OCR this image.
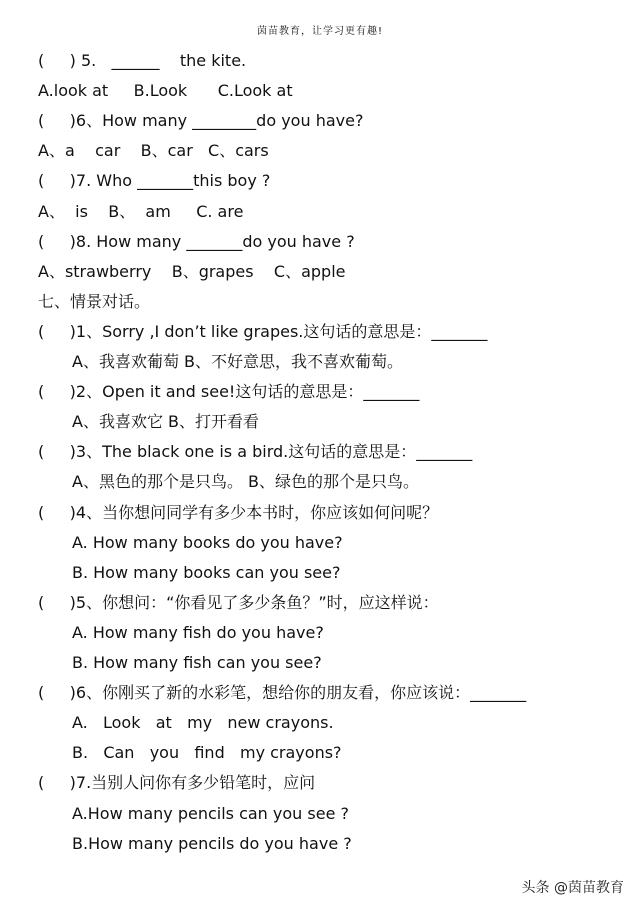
茵苗教育，让学习更有趣!
(     ) 5.   ______    the kite.
A.look at     B.Look      C.Look at
(     )6、How many ________do you have?
A、a    car    B、car   C、cars
(     )7. Who _______this boy ?
A、  is    B、  am     C. are
(     )8. How many _______do you have ?
A、strawberry    B、grapes    C、apple
七、情景对话。
(     )1、Sorry ,I don’t like grapes.这句话的意思是：_______
A、我喜欢葡萄 B、不好意思，我不喜欢葡萄。
(     )2、Open it and see!这句话的意思是：_______
A、我喜欢它 B、打开看看
(     )3、The black one is a bird.这句话的意思是：_______
A、黑色的那个是只鸟。 B、绿色的那个是只鸟。
(     )4、当你想问同学有多少本书时，你应该如何问呢？
A. How many books do you have?
B. How many books can you see?
(     )5、你想问：“你看见了多少条鱼？”时，应这样说：
A. How many fish do you have?
B. How many fish can you see?
(     )6、你刚买了新的水彩笔，想给你的朋友看，你应该说：_______
A.   Look   at   my   new crayons.
B.   Can   you   find   my crayons?
(     )7.当别人问你有多少铅笔时，应问
A.How many pencils can you see ?
B.How many pencils do you have ?
头条 @茵苗教育
